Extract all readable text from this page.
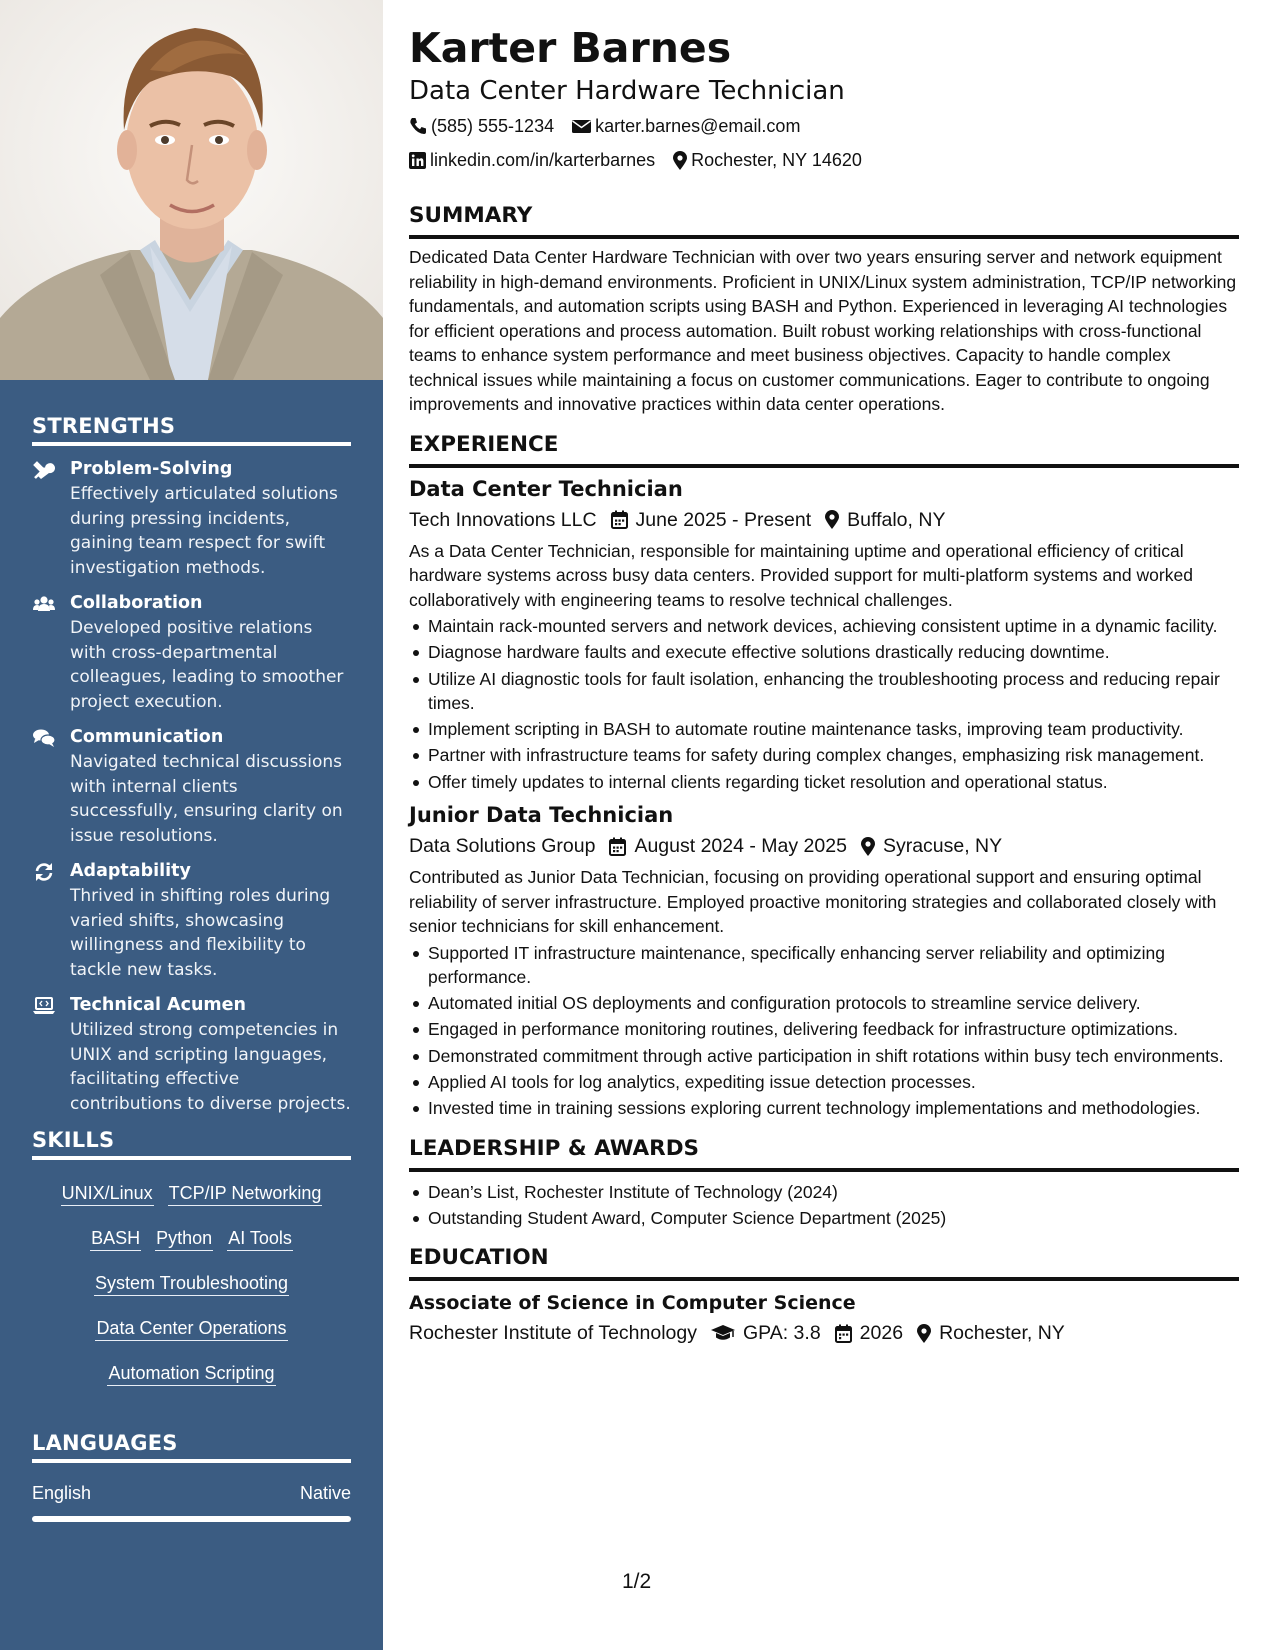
STRENGTHS
Problem-Solving
Effectively articulated solutions during pressing incidents, gaining team respect for swift investigation methods.
Collaboration
Developed positive relations with cross-departmental colleagues, leading to smoother project execution.
Communication
Navigated technical discussions with internal clients successfully, ensuring clarity on issue resolutions.
Adaptability
Thrived in shifting roles during varied shifts, showcasing willingness and flexibility to tackle new tasks.
Technical Acumen
Utilized strong competencies in UNIX and scripting languages, facilitating effective contributions to diverse projects.
SKILLS
UNIX/Linux TCP/IP Networking
BASH Python AI Tools
System Troubleshooting
Data Center Operations
Automation Scripting
LANGUAGES
English	Native
Karter Barnes
Data Center Hardware Technician
(585) 555-1234 karter.barnes@email.com
linkedin.com/in/karterbarnes Rochester, NY 14620
SUMMARY
Dedicated Data Center Hardware Technician with over two years ensuring server and network equipment reliability in high-demand environments. Proficient in UNIX/Linux system administration, TCP/IP networking fundamentals, and automation scripts using BASH and Python. Experienced in leveraging AI technologies for efficient operations and process automation. Built robust working relationships with cross-functional teams to enhance system performance and meet business objectives. Capacity to handle complex technical issues while maintaining a focus on customer communications. Eager to contribute to ongoing improvements and innovative practices within data center operations.
EXPERIENCE
Data Center Technician
Tech Innovations LLC June 2025 - Present Buffalo, NY
As a Data Center Technician, responsible for maintaining uptime and operational efficiency of critical hardware systems across busy data centers. Provided support for multi-platform systems and worked collaboratively with engineering teams to resolve technical challenges.
Maintain rack-mounted servers and network devices, achieving consistent uptime in a dynamic facility.
Diagnose hardware faults and execute effective solutions drastically reducing downtime.
Utilize AI diagnostic tools for fault isolation, enhancing the troubleshooting process and reducing repair times.
Implement scripting in BASH to automate routine maintenance tasks, improving team productivity.
Partner with infrastructure teams for safety during complex changes, emphasizing risk management.
Offer timely updates to internal clients regarding ticket resolution and operational status.
Junior Data Technician
Data Solutions Group August 2024 - May 2025 Syracuse, NY
Contributed as Junior Data Technician, focusing on providing operational support and ensuring optimal reliability of server infrastructure. Employed proactive monitoring strategies and collaborated closely with senior technicians for skill enhancement.
Supported IT infrastructure maintenance, specifically enhancing server reliability and optimizing performance.
Automated initial OS deployments and configuration protocols to streamline service delivery.
Engaged in performance monitoring routines, delivering feedback for infrastructure optimizations.
Demonstrated commitment through active participation in shift rotations within busy tech environments.
Applied AI tools for log analytics, expediting issue detection processes.
Invested time in training sessions exploring current technology implementations and methodologies.
LEADERSHIP & AWARDS
Dean’s List, Rochester Institute of Technology (2024)
Outstanding Student Award, Computer Science Department (2025)
EDUCATION
Associate of Science in Computer Science
Rochester Institute of Technology GPA: 3.8 2026 Rochester, NY
1/2
